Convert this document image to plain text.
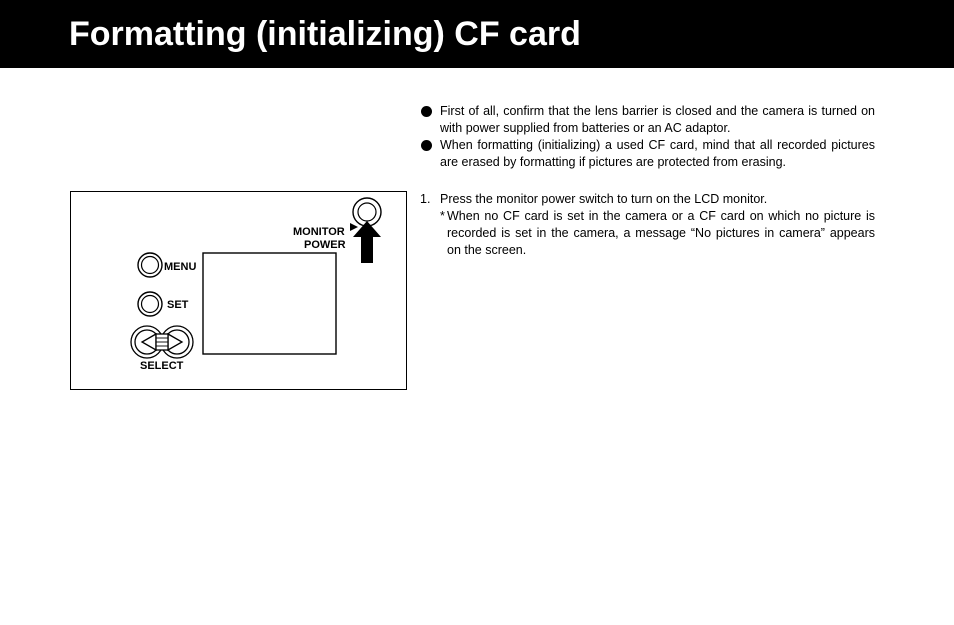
Formatting (initializing) CF card
MENU
SET
SELECT
MONITOR
POWER
First of all, confirm that the lens barrier is closed and the camera is turned on with power supplied from batteries or an AC adaptor.
When formatting (initializing) a used CF card, mind that all recorded pictures are erased by formatting if pictures are protected from erasing.
1. Press the monitor power switch to turn on the LCD monitor.
* When no CF card is set in the camera or a CF card on which no picture is recorded is set in the camera, a message “No pictures in camera” appears on the screen.
